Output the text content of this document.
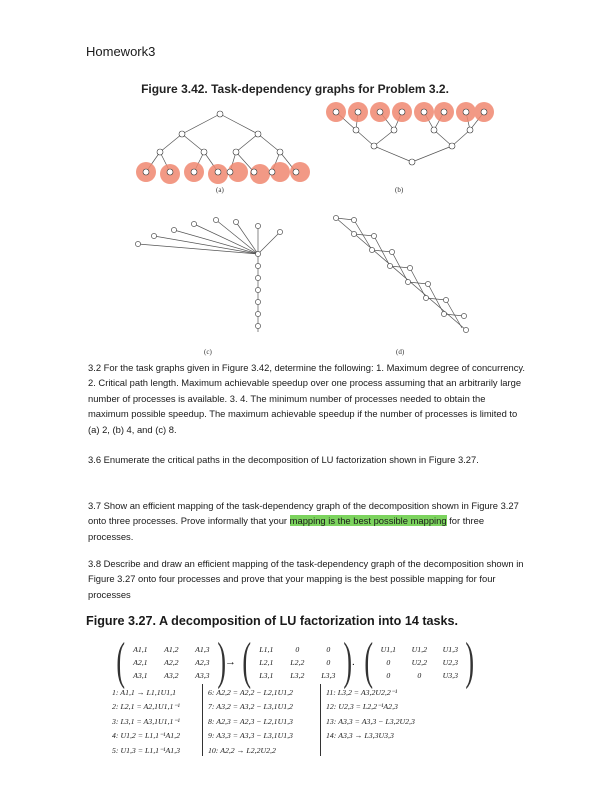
Homework3
Figure 3.42. Task-dependency graphs for Problem 3.2.
(a)	(b)
(c)	(d)
3.2 For the task graphs given in Figure 3.42, determine the following: 1. Maximum degree of concurrency. 2. Critical path length. Maximum achievable speedup over one process assuming that an arbitrarily large number of processes is available. 3. 4. The minimum number of processes needed to obtain the maximum possible speedup. The maximum achievable speedup if the number of processes is limited to (a) 2, (b) 4, and (c) 8.
3.6 Enumerate the critical paths in the decomposition of LU factorization shown in Figure 3.27.
3.7 Show an efficient mapping of the task-dependency graph of the decomposition shown in Figure 3.27 onto three processes. Prove informally that your mapping is the best possible mapping for three processes.
3.8 Describe and draw an efficient mapping of the task-dependency graph of the decomposition shown in Figure 3.27 onto four processes and prove that your mapping is the best possible mapping for four processes
Figure 3.27. A decomposition of LU factorization into 14 tasks.
(	A1,1	A1,2	A1,3
A2,1	A2,2	A2,3
A3,1	A3,2	A3,3 )
→ (	L1,1	0	0
L2,1	L2,2	0
L3,1	L3,2	L3,3 ) . ( U1,1	U1,2	U1,3
0	U2,2	U2,3
0	0	U3,3 )
1: A1,1 → L1,1U1,1
2: L2,1 = A2,1U1,1⁻¹
3: L3,1 = A3,1U1,1⁻¹
4: U1,2 = L1,1⁻¹A1,2
5: U1,3 = L1,1⁻¹A1,3
6: A2,2 = A2,2 − L2,1U1,2
7: A3,2 = A3,2 − L3,1U1,2
8: A2,3 = A2,3 − L2,1U1,3
9: A3,3 = A3,3 − L3,1U1,3
10: A2,2 → L2,2U2,2
11: L3,2 = A3,2U2,2⁻¹
12: U2,3 = L2,2⁻¹A2,3
13: A3,3 = A3,3 − L3,2U2,3
14: A3,3 → L3,3U3,3
